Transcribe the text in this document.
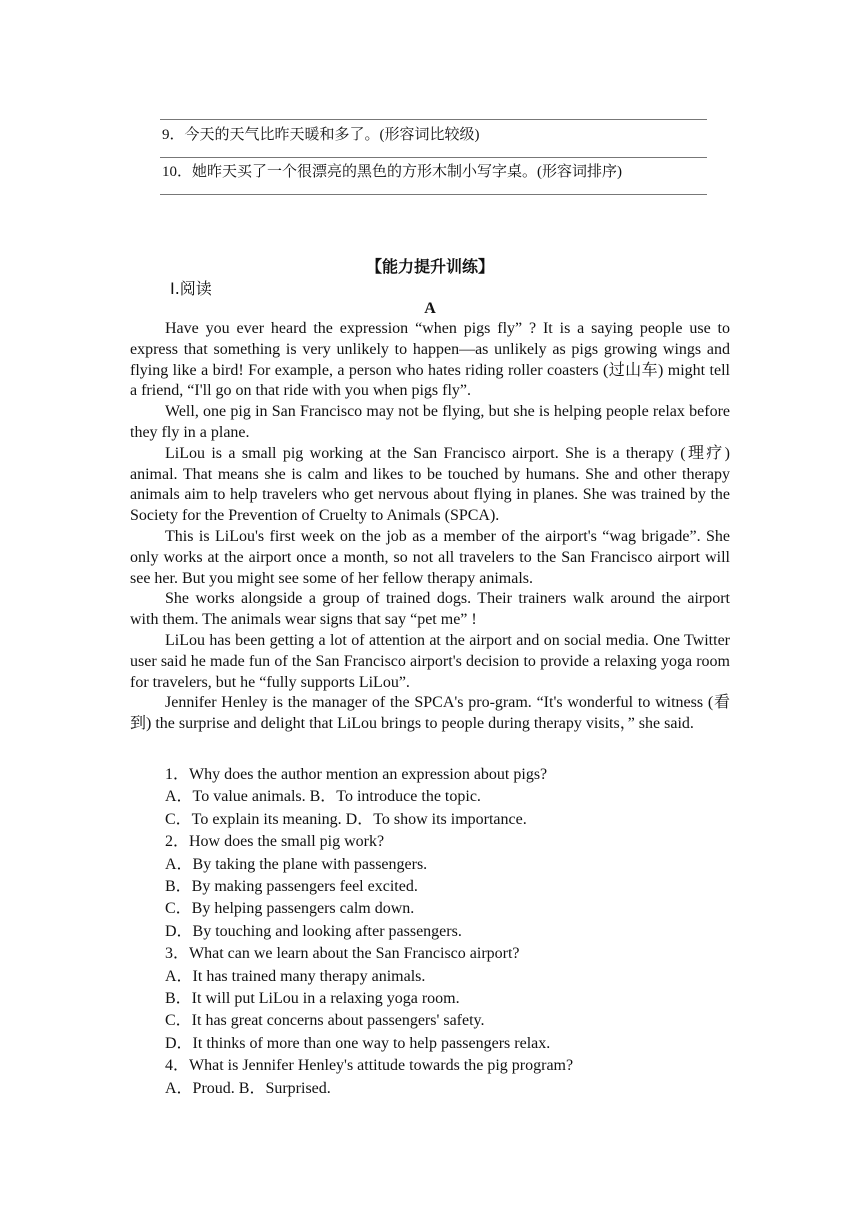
9．今天的天气比昨天暖和多了。(形容词比较级)
10．她昨天买了一个很漂亮的黑色的方形木制小写字桌。(形容词排序)
【能力提升训练】
Ⅰ.阅读
A

Have you ever heard the expression “when pigs fly” ? It is a saying people use to express that something is very unlikely to happen—as unlikely as pigs growing wings and flying like a bird! For example, a person who hates riding roller coasters (过山车) might tell a friend, “I'll go on that ride with you when pigs fly”.

Well, one pig in San Francisco may not be flying, but she is helping people relax before they fly in a plane.

LiLou is a small pig working at the San Francisco airport. She is a therapy (理疗) animal. That means she is calm and likes to be touched by humans. She and other therapy animals aim to help travelers who get nervous about flying in planes. She was trained by the Society for the Prevention of Cruelty to Animals (SPCA).

This is LiLou's first week on the job as a member of the airport's “wag brigade”. She only works at the airport once a month, so not all travelers to the San Francisco airport will see her. But you might see some of her fellow therapy animals.

She works alongside a group of trained dogs. Their trainers walk around the airport with them. The animals wear signs that say “pet me” !

LiLou has been getting a lot of attention at the airport and on social media. One Twitter user said he made fun of the San Francisco airport's decision to provide a relaxing yoga room for travelers, but he “fully supports LiLou”.

Jennifer Henley is the manager of the SPCA's pro-gram. “It's wonderful to witness (看到) the surprise and delight that LiLou brings to people during therapy visits，” she said.

1．Why does the author mention an expression about pigs?
A．To value animals. B．To introduce the topic.
C．To explain its meaning. D．To show its importance.
2．How does the small pig work?
A．By taking the plane with passengers.
B．By making passengers feel excited.
C．By helping passengers calm down.
D．By touching and looking after passengers.
3．What can we learn about the San Francisco airport?
A．It has trained many therapy animals.
B．It will put LiLou in a relaxing yoga room.
C．It has great concerns about passengers' safety.
D．It thinks of more than one way to help passengers relax.
4．What is Jennifer Henley's attitude towards the pig program?
A．Proud. B．Surprised.
